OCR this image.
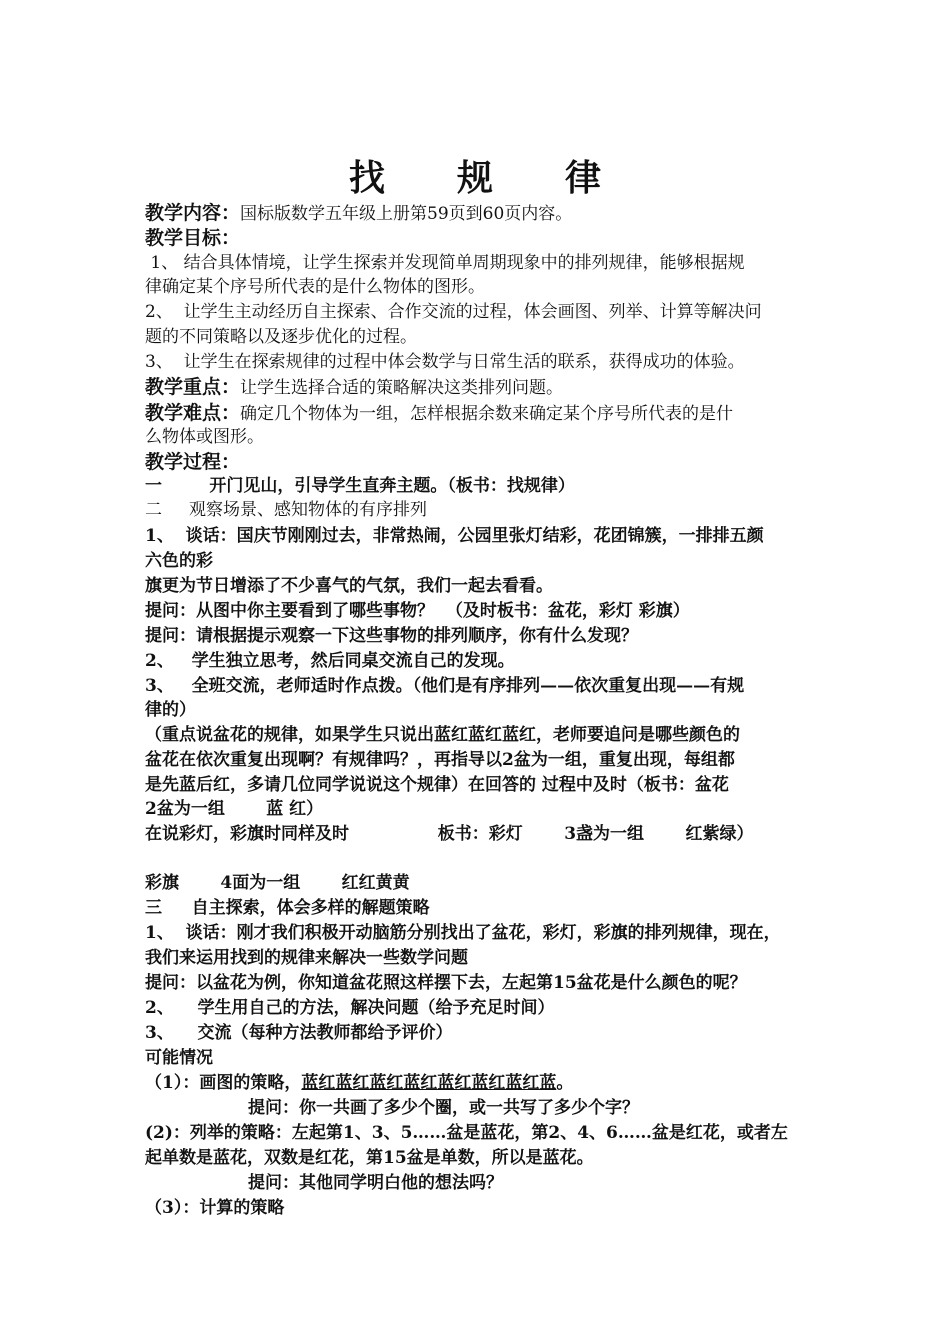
找 规 律
教学内容：国标版数学五年级上册第59页到60页内容。
教学目标：
1、 结合具体情境，让学生探索并发现简单周期现象中的排列规律，能够根据规
律确定某个序号所代表的是什么物体的图形。
2、  让学生主动经历自主探索、合作交流的过程，体会画图、列举、计算等解决问
题的不同策略以及逐步优化的过程。
3、  让学生在探索规律的过程中体会数学与日常生活的联系，获得成功的体验。
教学重点：让学生选择合适的策略解决这类排列问题。
教学难点：确定几个物体为一组，怎样根据余数来确定某个序号所代表的是什
么物体或图形。
教学过程：
一        开门见山，引导学生直奔主题。（板书：找规律）
二     观察场景、感知物体的有序排列
1、  谈话：国庆节刚刚过去，非常热闹，公园里张灯结彩，花团锦簇，一排排五颜
六色的彩
旗更为节日增添了不少喜气的气氛，我们一起去看看。
提问：从图中你主要看到了哪些事物？  （及时板书：盆花，彩灯 彩旗）
提问：请根据提示观察一下这些事物的排列顺序，你有什么发现？
2、   学生独立思考，然后同桌交流自己的发现。
3、   全班交流，老师适时作点拨。（他们是有序排列——依次重复出现——有规
律的）
（重点说盆花的规律，如果学生只说出蓝红蓝红蓝红，老师要追问是哪些颜色的
盆花在依次重复出现啊？有规律吗？，再指导以2盆为一组，重复出现，每组都
是先蓝后红，多请几位同学说说这个规律）在回答的 过程中及时（板书：盆花
2盆为一组       蓝 红）
在说彩灯，彩旗时同样及时               板书：彩灯       3盏为一组       红紫绿）
彩旗       4面为一组       红红黄黄
三     自主探索，体会多样的解题策略
1、  谈话：刚才我们积极开动脑筋分别找出了盆花，彩灯，彩旗的排列规律，现在，
我们来运用找到的规律来解决一些数学问题
提问：以盆花为例，你知道盆花照这样摆下去，左起第15盆花是什么颜色的呢？
2、    学生用自己的方法，解决问题（给予充足时间）
3、    交流（每种方法教师都给予评价）
可能情况
（1）：画图的策略，蓝红蓝红蓝红蓝红蓝红蓝红蓝红蓝。
提问：你一共画了多少个圈，或一共写了多少个字？
(2)：列举的策略：左起第1、3、5……盆是蓝花，第2、4、6……盆是红花，或者左
起单数是蓝花，双数是红花，第15盆是单数，所以是蓝花。
提问：其他同学明白他的想法吗？
（3）：计算的策略
